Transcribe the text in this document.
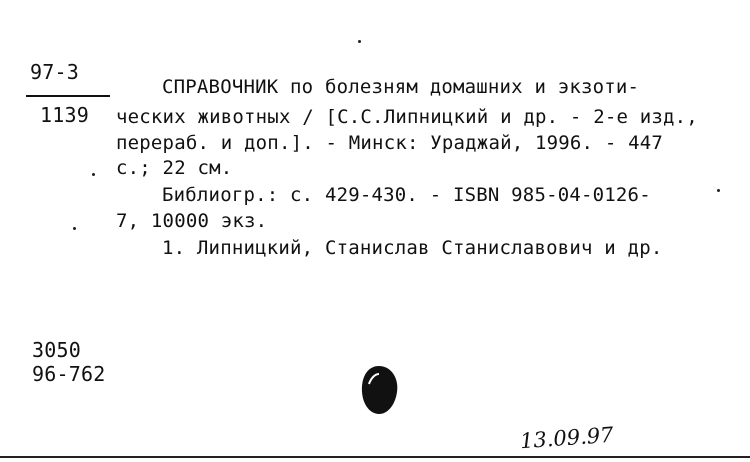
97-3
1139
СПРАВОЧНИК по болезням домашних и экзоти-
ческих животных / [С.С.Липницкий и др. - 2-е изд.,
перераб. и доп.]. - Минск: Ураджай, 1996. - 447
с.; 22 см.
Библиогр.: с. 429-430. - ISBN 985-04-0126-
7, 10000 экз.
1. Липницкий, Станислав Станиславович и др.
3050
96-762
13.09.97
